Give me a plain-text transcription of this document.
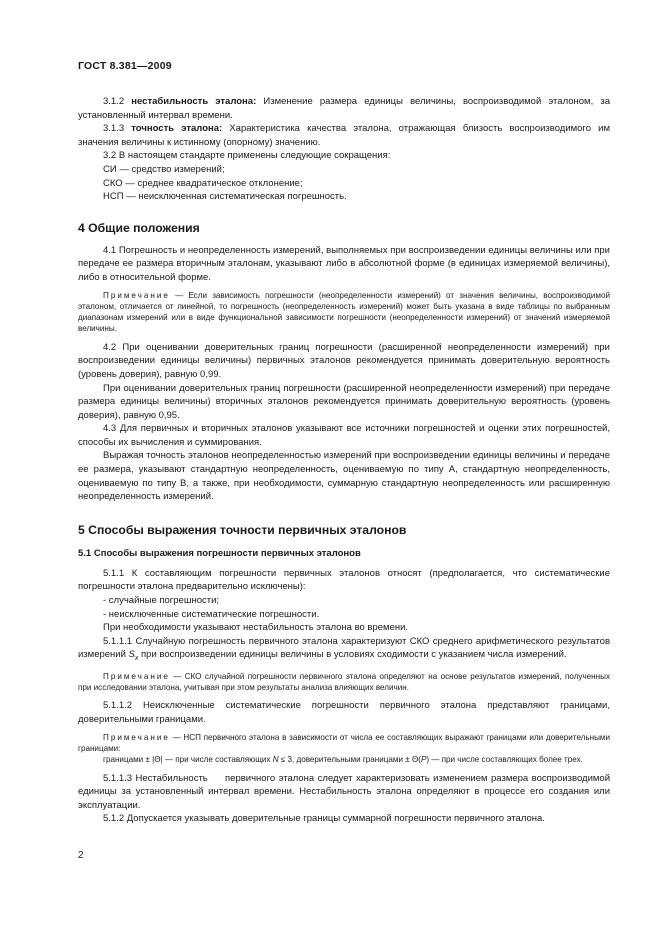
ГОСТ 8.381—2009

3.1.2 нестабильность эталона: Изменение размера единицы величины, воспроизводимой эталоном, за установленный интервал времени.

3.1.3 точность эталона: Характеристика качества эталона, отражающая близость воспроизводимого им значения величины к истинному (опорному) значению.

3.2 В настоящем стандарте применены следующие сокращения:

СИ — средство измерений;

СКО — среднее квадратическое отклонение;

НСП — неисключенная систематическая погрешность.

4 Общие положения

4.1 Погрешность и неопределенность измерений, выполняемых при воспроизведении единицы величины или при передаче ее размера вторичным эталонам, указывают либо в абсолютной форме (в единицах измеряемой величины), либо в относительной форме.

Примечание — Если зависимость погрешности (неопределенности измерений) от значения величины, воспроизводимой эталоном, отличается от линейной, то погрешность (неопределенность измерений) может быть указана в виде таблицы по выбранным диапазонам измерений или в виде функциональной зависимости погрешности (неопределенности измерений) от значений измеряемой величины.

4.2 При оценивании доверительных границ погрешности (расширенной неопределенности измерений) при воспроизведении единицы величины) первичных эталонов рекомендуется принимать доверительную вероятность (уровень доверия), равную 0,99.

При оценивании доверительных границ погрешности (расширенной неопределенности измерений) при передаче размера единицы величины) вторичных эталонов рекомендуется принимать доверительную вероятность (уровень доверия), равную 0,95.

4.3 Для первичных и вторичных эталонов указывают все источники погрешностей и оценки этих погрешностей, способы их вычисления и суммирования.

Выражая точность эталонов неопределенностью измерений при воспроизведении единицы величины и передаче ее размера, указывают стандартную неопределенность, оцениваемую по типу А, стандартную неопределенность, оцениваемую по типу В, а также, при необходимости, суммарную стандартную неопределенность или расширенную неопределенность измерений.

5 Способы выражения точности первичных эталонов
5.1 Способы выражения погрешности первичных эталонов

5.1.1 К составляющим погрешности первичных эталонов относят (предполагается, что систематические погрешности эталона предварительно исключены):

- случайные погрешности;

- неисключенные систематические погрешности.

При необходимости указывают нестабильность эталона во времени.

5.1.1.1 Случайную погрешность первичного эталона характеризуют СКО среднего арифметического результатов измерений $S_x$ при воспроизведении единицы величины в условиях сходимости с указанием числа измерений.

Примечание — СКО случайной погрешности первичного эталона определяют на основе результатов измерений, полученных при исследовании эталона, учитывая при этом результаты анализа влияющих величин.

5.1.1.2 Неисключенные систематические погрешности первичного эталона представляют границами, доверительными границами.

Примечание — НСП первичного эталона в зависимости от числа ее составляющих выражают границами или доверительными границами:

границами ± |Θ| — при числе составляющих N ≤ 3, доверительными границами ± Θ(P) — при числе составляющих более трех.

5.1.1.3 Нестабильность     первичного эталона следует характеризовать изменением размера воспроизводимой единицы за установленный интервал времени. Нестабильность эталона определяют в процессе его создания или эксплуатации.

5.1.2 Допускается указывать доверительные границы суммарной погрешности первичного эталона.

2
